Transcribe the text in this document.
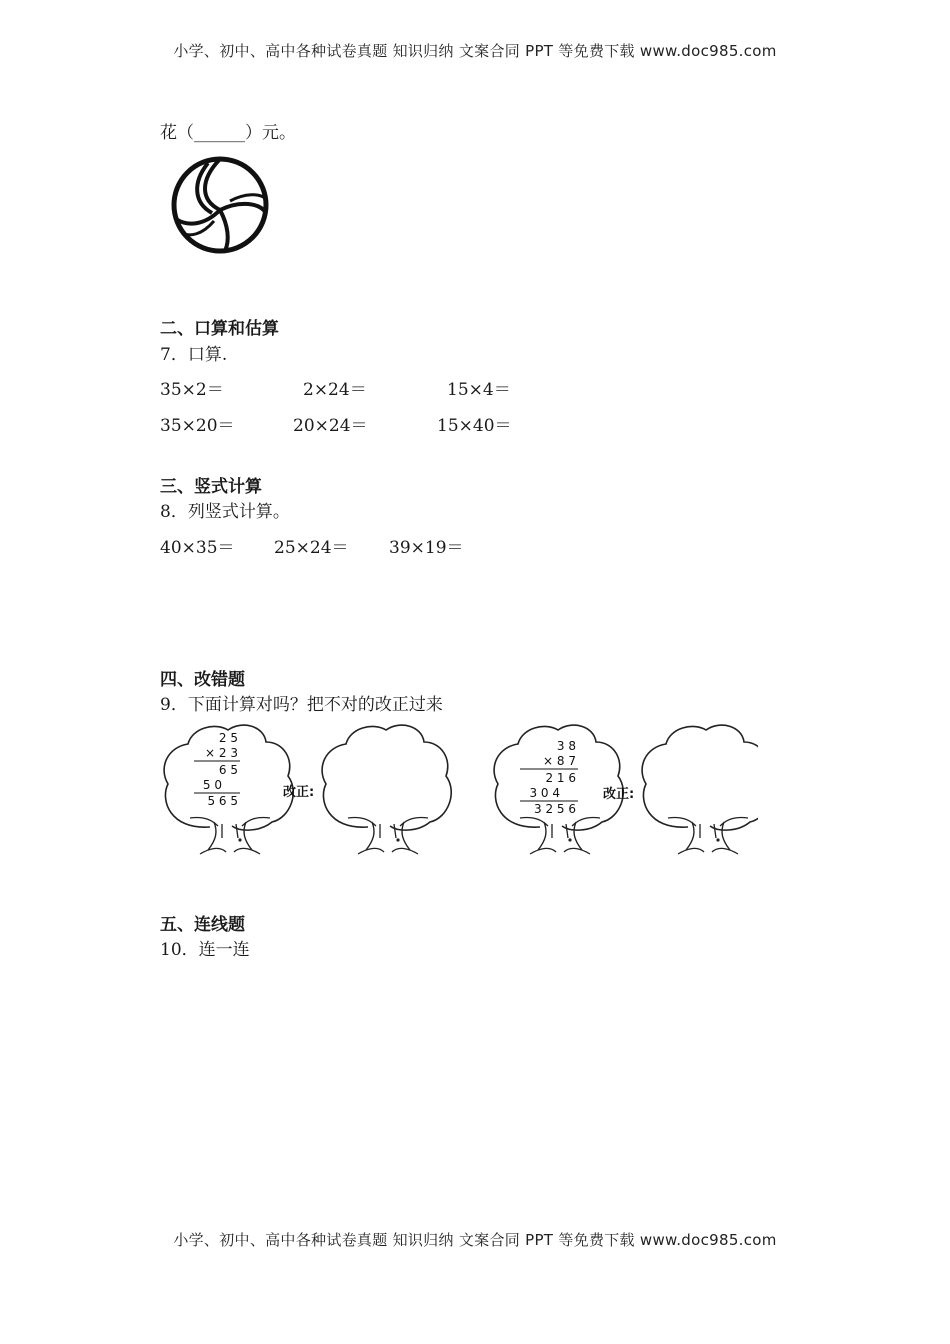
小学、初中、高中各种试卷真题 知识归纳 文案合同 PPT 等免费下载 www.doc985.com
花（______）元。
二、口算和估算
7．口算.
35×2＝	2×24＝	15×4＝
35×20＝	20×24＝	15×40＝
三、竖式计算
8．列竖式计算。
40×35＝ 25×24＝ 39×19＝
四、改错题
9．下面计算对吗？把不对的改正过来
2 5
× 2 3
6 5
5 0
5 6 5
改正:
3 8
× 8 7
2 1 6
3 0 4
3 2 5 6
改正:
五、连线题
10．连一连
小学、初中、高中各种试卷真题 知识归纳 文案合同 PPT 等免费下载 www.doc985.com
